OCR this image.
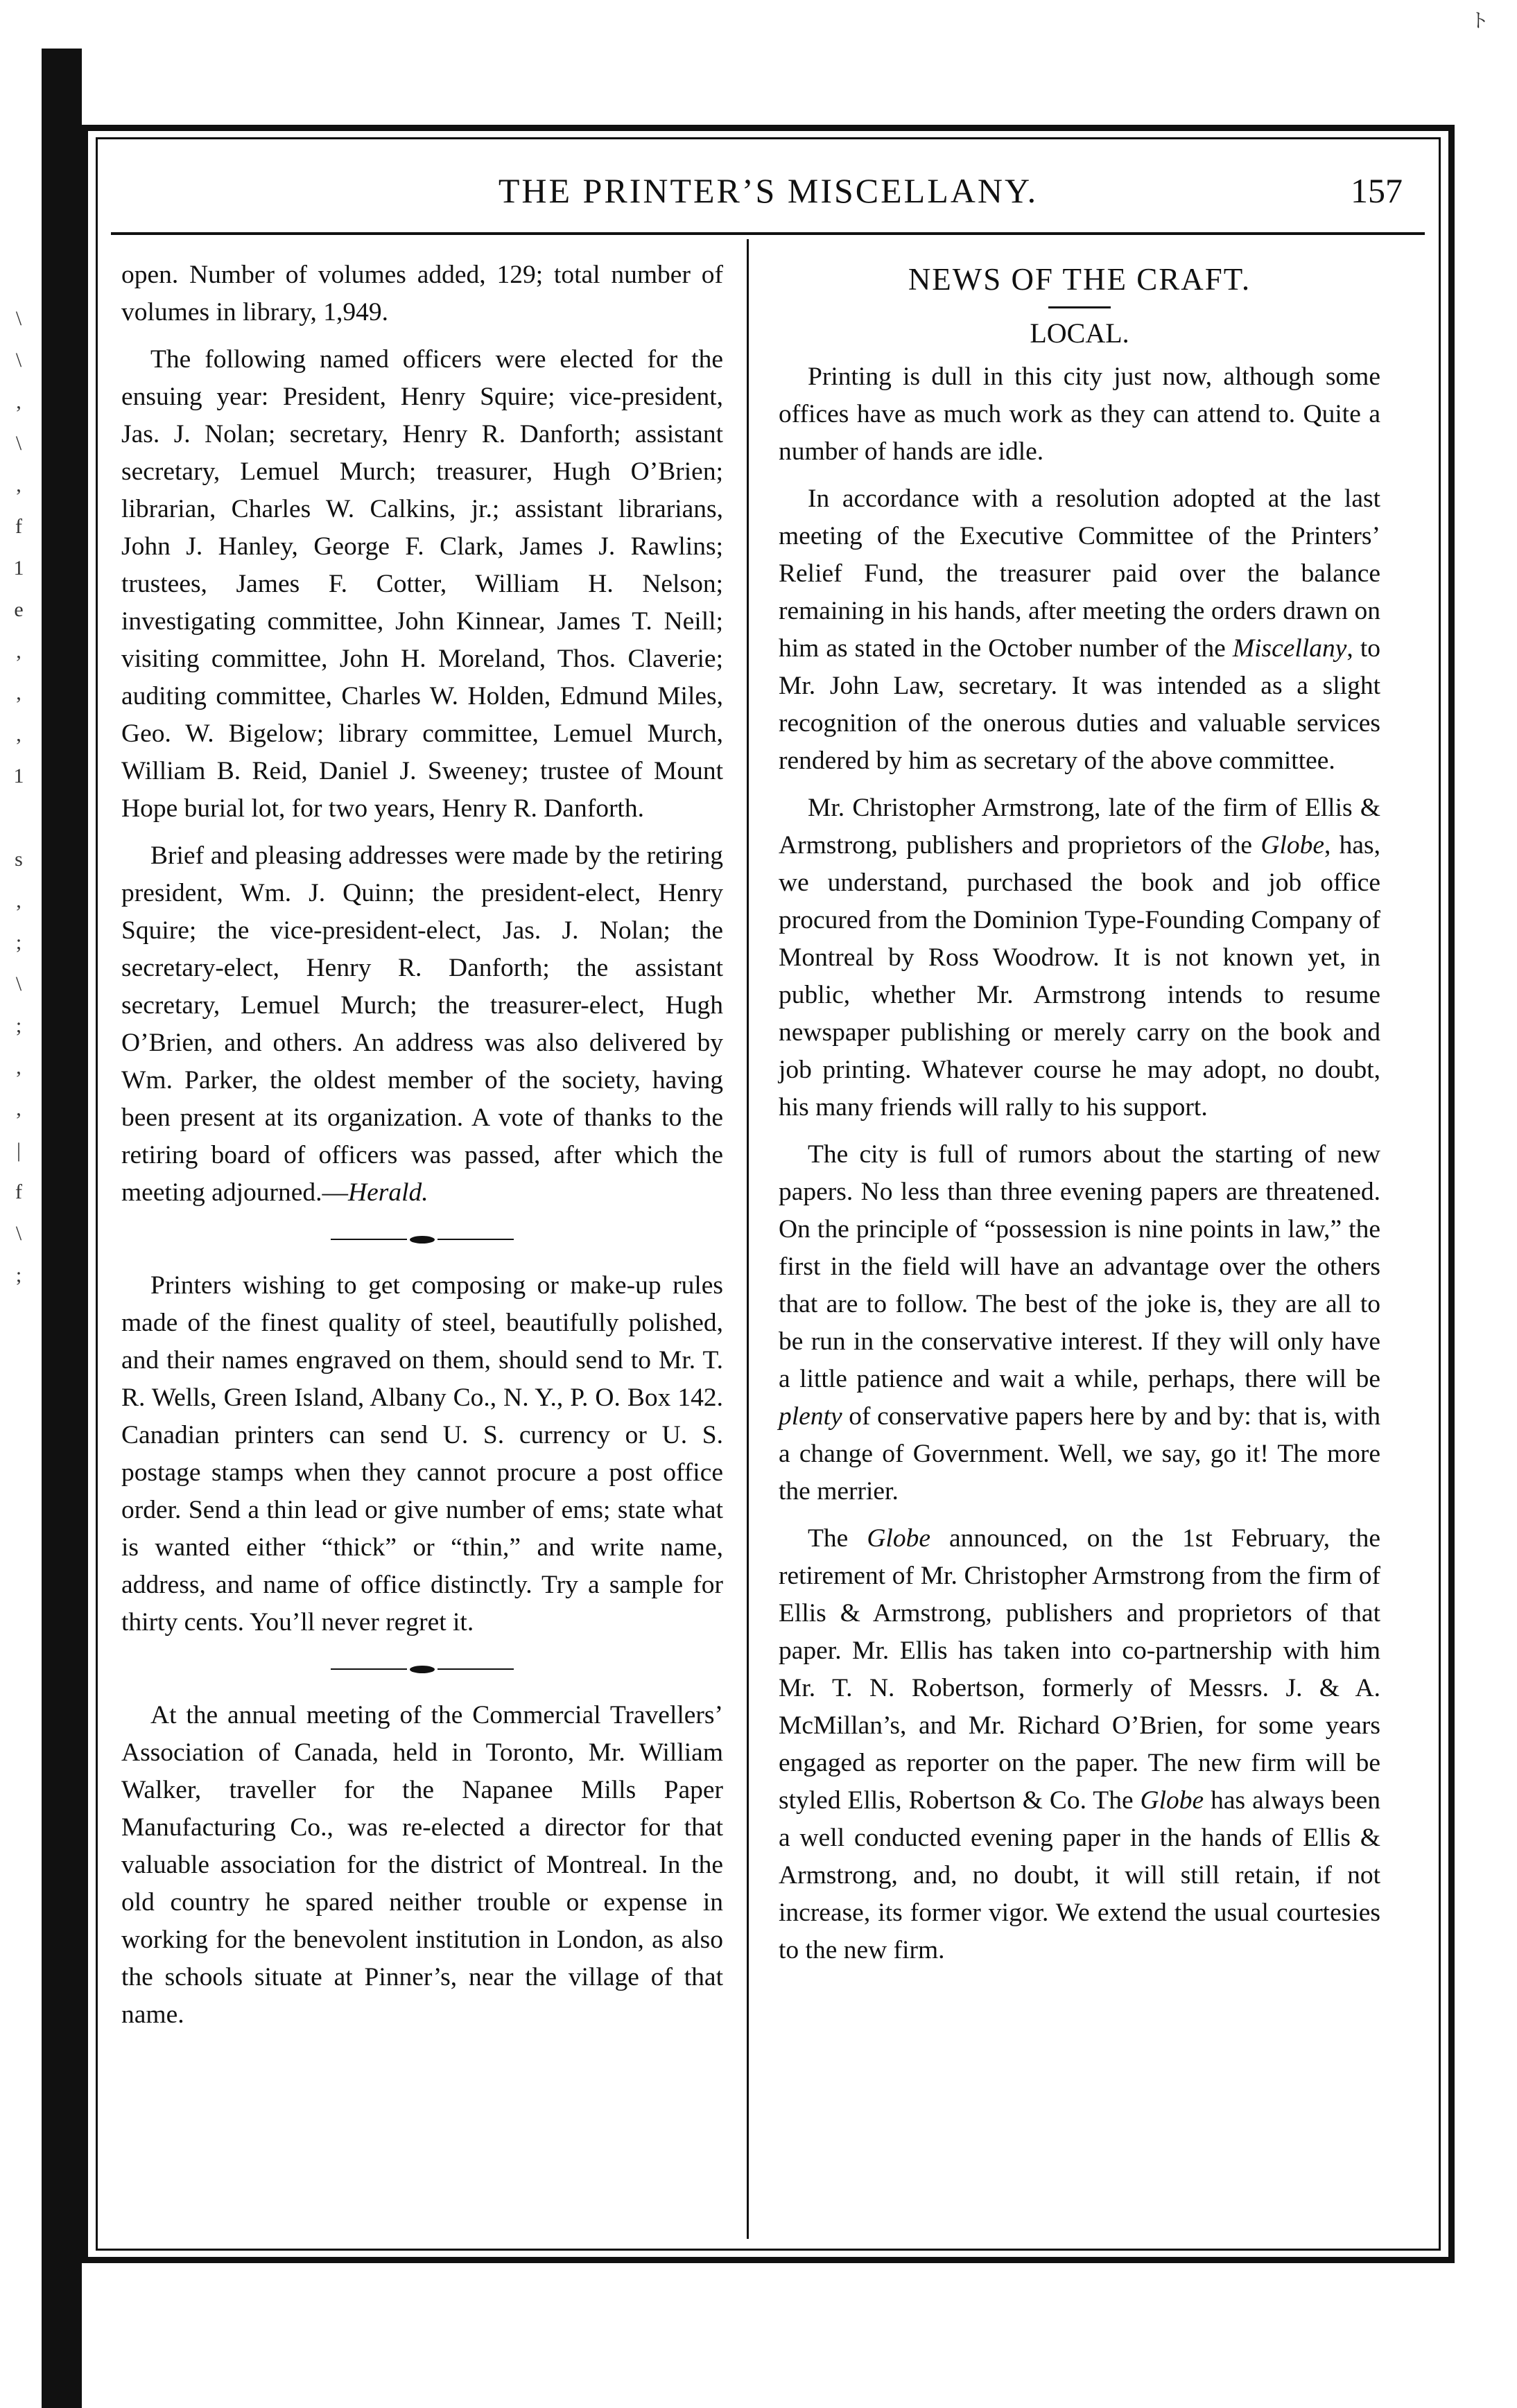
\
\
,
\
,
f
1
e
,
,
,
1

s
,
;
\
;
,
,
|
f
\
;
ト
THE PRINTER’S MISCELLANY.	157

open. Number of volumes added, 129; total number of volumes in library, 1,949.

The following named officers were elected for the ensuing year: President, Henry Squire; vice-president, Jas. J. Nolan; secretary, Henry R. Danforth; assistant secretary, Lemuel Murch; treasurer, Hugh O’Brien; librarian, Charles W. Calkins, jr.; assistant librarians, John J. Hanley, George F. Clark, James J. Rawlins; trustees, James F. Cotter, William H. Nelson; investigating committee, John Kinnear, James T. Neill; visiting committee, John H. Moreland, Thos. Claverie; auditing committee, Charles W. Holden, Edmund Miles, Geo. W. Bigelow; library committee, Lemuel Murch, William B. Reid, Daniel J. Sweeney; trustee of Mount Hope burial lot, for two years, Henry R. Danforth.

Brief and pleasing addresses were made by the retiring president, Wm. J. Quinn; the president-elect, Henry Squire; the vice-president-elect, Jas. J. Nolan; the secretary-elect, Henry R. Danforth; the assistant secretary, Lemuel Murch; the treasurer-elect, Hugh O’Brien, and others. An address was also delivered by Wm. Parker, the oldest member of the society, having been present at its organization. A vote of thanks to the retiring board of officers was passed, after which the meeting adjourned.—Herald.

Printers wishing to get composing or make-up rules made of the finest quality of steel, beautifully polished, and their names engraved on them, should send to Mr. T. R. Wells, Green Island, Albany Co., N. Y., P. O. Box 142. Canadian printers can send U. S. currency or U. S. postage stamps when they cannot procure a post office order. Send a thin lead or give number of ems; state what is wanted either “thick” or “thin,” and write name, address, and name of office distinctly. Try a sample for thirty cents. You’ll never regret it.

At the annual meeting of the Commercial Travellers’ Association of Canada, held in Toronto, Mr. William Walker, traveller for the Napanee Mills Paper Manufacturing Co., was re-elected a director for that valuable association for the district of Montreal. In the old country he spared neither trouble or expense in working for the benevolent institution in London, as also the schools situate at Pinner’s, near the village of that name.

NEWS OF THE CRAFT.
LOCAL.

Printing is dull in this city just now, although some offices have as much work as they can attend to. Quite a number of hands are idle.

In accordance with a resolution adopted at the last meeting of the Executive Committee of the Printers’ Relief Fund, the treasurer paid over the balance remaining in his hands, after meeting the orders drawn on him as stated in the October number of the Miscellany, to Mr. John Law, secretary. It was intended as a slight recognition of the onerous duties and valuable services rendered by him as secretary of the above committee.

Mr. Christopher Armstrong, late of the firm of Ellis & Armstrong, publishers and proprietors of the Globe, has, we understand, purchased the book and job office procured from the Dominion Type-Founding Company of Montreal by Ross Woodrow. It is not known yet, in public, whether Mr. Armstrong intends to resume newspaper publishing or merely carry on the book and job printing. Whatever course he may adopt, no doubt, his many friends will rally to his support.

The city is full of rumors about the starting of new papers. No less than three evening papers are threatened. On the principle of “possession is nine points in law,” the first in the field will have an advantage over the others that are to follow. The best of the joke is, they are all to be run in the conservative interest. If they will only have a little patience and wait a while, perhaps, there will be plenty of conservative papers here by and by: that is, with a change of Government. Well, we say, go it! The more the merrier.

The Globe announced, on the 1st February, the retirement of Mr. Christopher Armstrong from the firm of Ellis & Armstrong, publishers and proprietors of that paper. Mr. Ellis has taken into co-partnership with him Mr. T. N. Robertson, formerly of Messrs. J. & A. McMillan’s, and Mr. Richard O’Brien, for some years engaged as reporter on the paper. The new firm will be styled Ellis, Robertson & Co. The Globe has always been a well conducted evening paper in the hands of Ellis & Armstrong, and, no doubt, it will still retain, if not increase, its former vigor. We extend the usual courtesies to the new firm.
